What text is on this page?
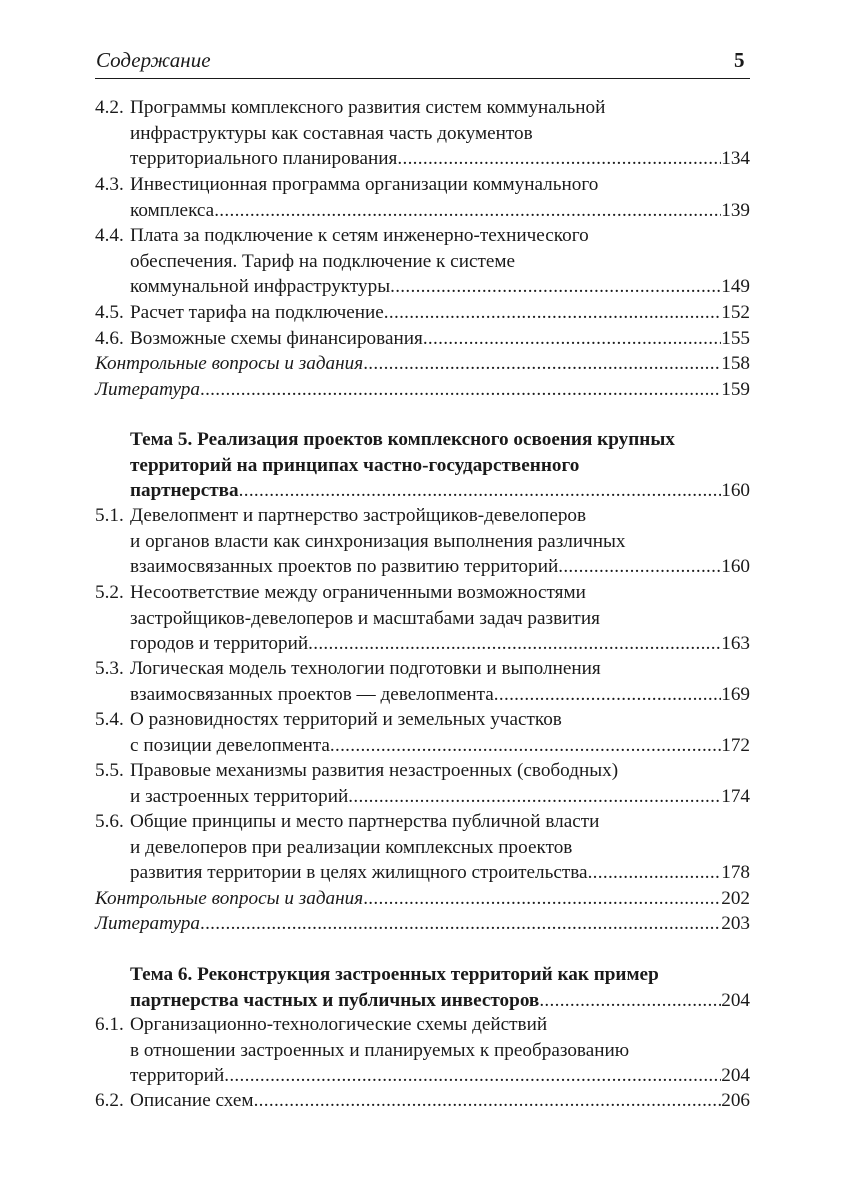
Содержание	5
4.2. Программы комплексного развития систем коммунальной
инфраструктуры как составная часть документов
территориального планирования .....	134
4.3. Инвестиционная программа организации коммунального
комплекса .....	139
4.4. Плата за подключение к сетям инженерно-технического
обеспечения. Тариф на подключение к системе
коммунальной инфраструктуры .....	149
4.5. Расчет тарифа на подключение .....	152
4.6. Возможные схемы финансирования .....	155
Контрольные вопросы и задания .....	158
Литература .....	159
Тема 5. Реализация проектов комплексного освоения крупных
территорий на принципах частно-государственного
партнерства .....	160
5.1. Девелопмент и партнерство застройщиков-девелоперов
и органов власти как синхронизация выполнения различных
взаимосвязанных проектов по развитию территорий .....	160
5.2. Несоответствие между ограниченными возможностями
застройщиков-девелоперов и масштабами задач развития
городов и территорий .....	163
5.3. Логическая модель технологии подготовки и выполнения
взаимосвязанных проектов — девелопмента .....	169
5.4. О разновидностях территорий и земельных участков
с позиции девелопмента .....	172
5.5. Правовые механизмы развития незастроенных (свободных)
и застроенных территорий .....	174
5.6. Общие принципы и место партнерства публичной власти
и девелоперов при реализации комплексных проектов
развития территории в целях жилищного строительства .....	178
Контрольные вопросы и задания .....	202
Литература .....	203
Тема 6. Реконструкция застроенных территорий как пример
партнерства частных и публичных инвесторов .....	204
6.1. Организационно-технологические схемы действий
в отношении застроенных и планируемых к преобразованию
территорий .....	204
6.2. Описание схем .....	206
